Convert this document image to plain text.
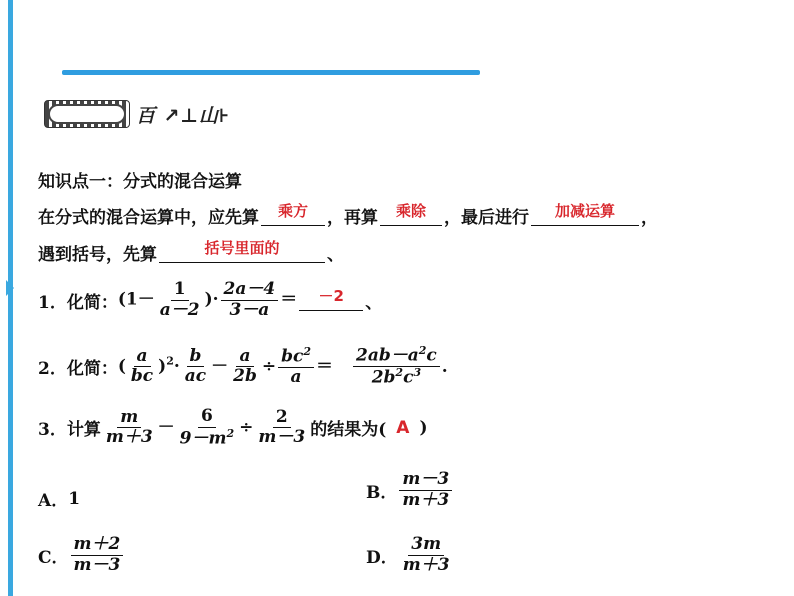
百 ↗⊥山⊦
知识点一：分式的混合运算
在分式的混合运算中，应先算	乘方	，再算	乘除	，最后进行	加减运算	，
遇到括号，先算	括号里面的	、
1．化简： ($1- \frac{1}{a-2}$ )· $\frac{2a-4}{3-a}$ ＝	－2	、
2．化简： ( $\frac{a}{bc} )^2\cdot \frac{b}{ac} - \frac{a}{2b} \div \frac{bc^2}{a} = \frac{2ab-a^2c}{2b^2c^3}$ .
3．计算 $\frac{m}{m+3} - \frac{6}{9-m^2} \div \frac{2}{m-3}$ 的结果为( A )
A． 1	B． $\frac{m-3}{m+3}$
C． $\frac{m+2}{m-3}$	D． $\frac{3m}{m+3}$
